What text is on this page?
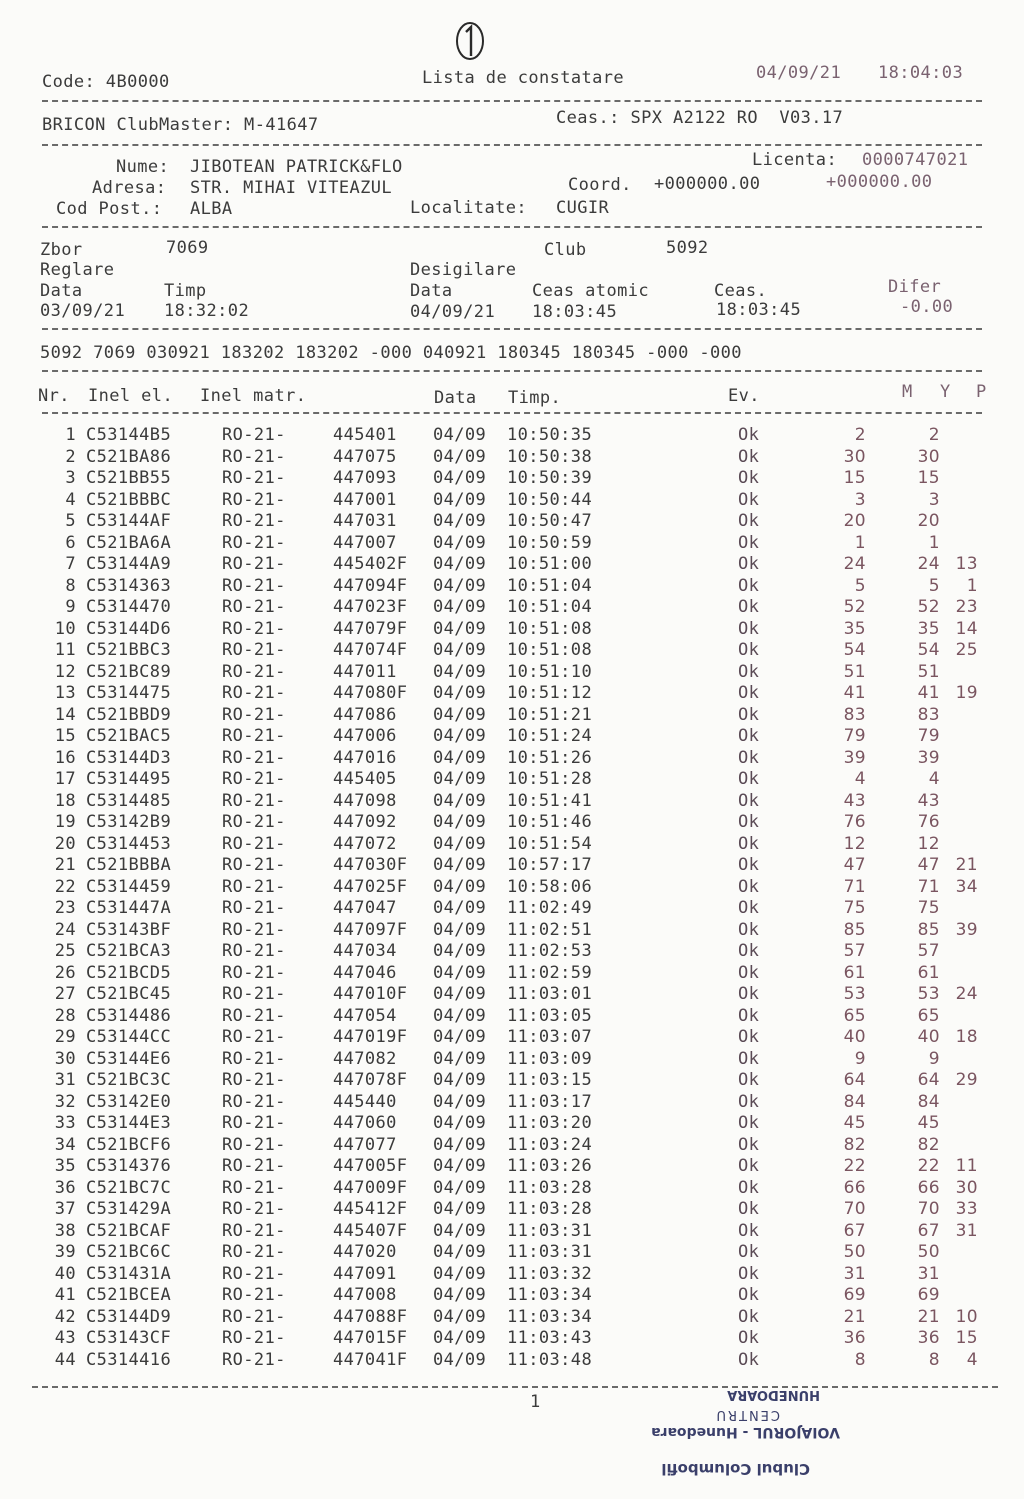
Code: 4B0000	Lista de constatare	04/09/21 18:04:03
BRICON ClubMaster: M-41647	Ceas.: SPX A2122 RO  V03.17
Nume: JIBOTEAN PATRICK&FLO	Licenta: 0000747021
Adresa: STR. MIHAI VITEAZUL	Coord. +000000.00	+000000.00
Cod Post.: ALBA	Localitate: CUGIR
Zbor	7069	Club	5092
Reglare	Desigilare
Data	Timp	Data	Ceas atomic	Ceas.	Difer
03/09/21 18:32:02	04/09/21 18:03:45	18:03:45	-0.00
5092 7069 030921 183202 183202 -000 040921 180345 180345 -000 -000
Nr. Inel el. Inel matr.	Data Timp.	Ev.	M Y P
1 C53144B5	RO-21-	445401 04/09 10:50:35	Ok	2	2
2 C521BA86	RO-21-	447075 04/09 10:50:38	Ok	30	30
3 C521BB55	RO-21-	447093 04/09 10:50:39	Ok	15	15
4 C521BBBC	RO-21-	447001 04/09 10:50:44	Ok	3	3
5 C53144AF	RO-21-	447031 04/09 10:50:47	Ok	20	20
6 C521BA6A	RO-21-	447007 04/09 10:50:59	Ok	1	1
7 C53144A9	RO-21-	445402F 04/09 10:51:00	Ok	24	24 13
8 C5314363	RO-21-	447094F 04/09 10:51:04	Ok	5	5	1
9 C5314470	RO-21-	447023F 04/09 10:51:04	Ok	52	52 23
10 C53144D6	RO-21-	447079F 04/09 10:51:08	Ok	35	35 14
11 C521BBC3	RO-21-	447074F 04/09 10:51:08	Ok	54	54 25
12 C521BC89	RO-21-	447011 04/09 10:51:10	Ok	51	51
13 C5314475	RO-21-	447080F 04/09 10:51:12	Ok	41	41 19
14 C521BBD9	RO-21-	447086 04/09 10:51:21	Ok	83	83
15 C521BAC5	RO-21-	447006 04/09 10:51:24	Ok	79	79
16 C53144D3	RO-21-	447016 04/09 10:51:26	Ok	39	39
17 C5314495	RO-21-	445405 04/09 10:51:28	Ok	4	4
18 C5314485	RO-21-	447098 04/09 10:51:41	Ok	43	43
19 C53142B9	RO-21-	447092 04/09 10:51:46	Ok	76	76
20 C5314453	RO-21-	447072 04/09 10:51:54	Ok	12	12
21 C521BBBA	RO-21-	447030F 04/09 10:57:17	Ok	47	47 21
22 C5314459	RO-21-	447025F 04/09 10:58:06	Ok	71	71 34
23 C531447A	RO-21-	447047 04/09 11:02:49	Ok	75	75
24 C53143BF	RO-21-	447097F 04/09 11:02:51	Ok	85	85 39
25 C521BCA3	RO-21-	447034 04/09 11:02:53	Ok	57	57
26 C521BCD5	RO-21-	447046 04/09 11:02:59	Ok	61	61
27 C521BC45	RO-21-	447010F 04/09 11:03:01	Ok	53	53 24
28 C5314486	RO-21-	447054 04/09 11:03:05	Ok	65	65
29 C53144CC	RO-21-	447019F 04/09 11:03:07	Ok	40	40 18
30 C53144E6	RO-21-	447082 04/09 11:03:09	Ok	9	9
31 C521BC3C	RO-21-	447078F 04/09 11:03:15	Ok	64	64 29
32 C53142E0	RO-21-	445440 04/09 11:03:17	Ok	84	84
33 C53144E3	RO-21-	447060 04/09 11:03:20	Ok	45	45
34 C521BCF6	RO-21-	447077 04/09 11:03:24	Ok	82	82
35 C5314376	RO-21-	447005F 04/09 11:03:26	Ok	22	22 11
36 C521BC7C	RO-21-	447009F 04/09 11:03:28	Ok	66	66 30
37 C531429A	RO-21-	445412F 04/09 11:03:28	Ok	70	70 33
38 C521BCAF	RO-21-	445407F 04/09 11:03:31	Ok	67	67 31
39 C521BC6C	RO-21-	447020 04/09 11:03:31	Ok	50	50
40 C531431A	RO-21-	447091 04/09 11:03:32	Ok	31	31
41 C521BCEA	RO-21-	447008 04/09 11:03:34	Ok	69	69
42 C53144D9	RO-21-	447088F 04/09 11:03:34	Ok	21	21 10
43 C53143CF	RO-21-	447015F 04/09 11:03:43	Ok	36	36 15
44 C5314416	RO-21-	447041F 04/09 11:03:48	Ok	8	8	4
1
Clubul Columbofil
VOIAJORUL - Hunedoara
CENTRU
HUNEDOARA
